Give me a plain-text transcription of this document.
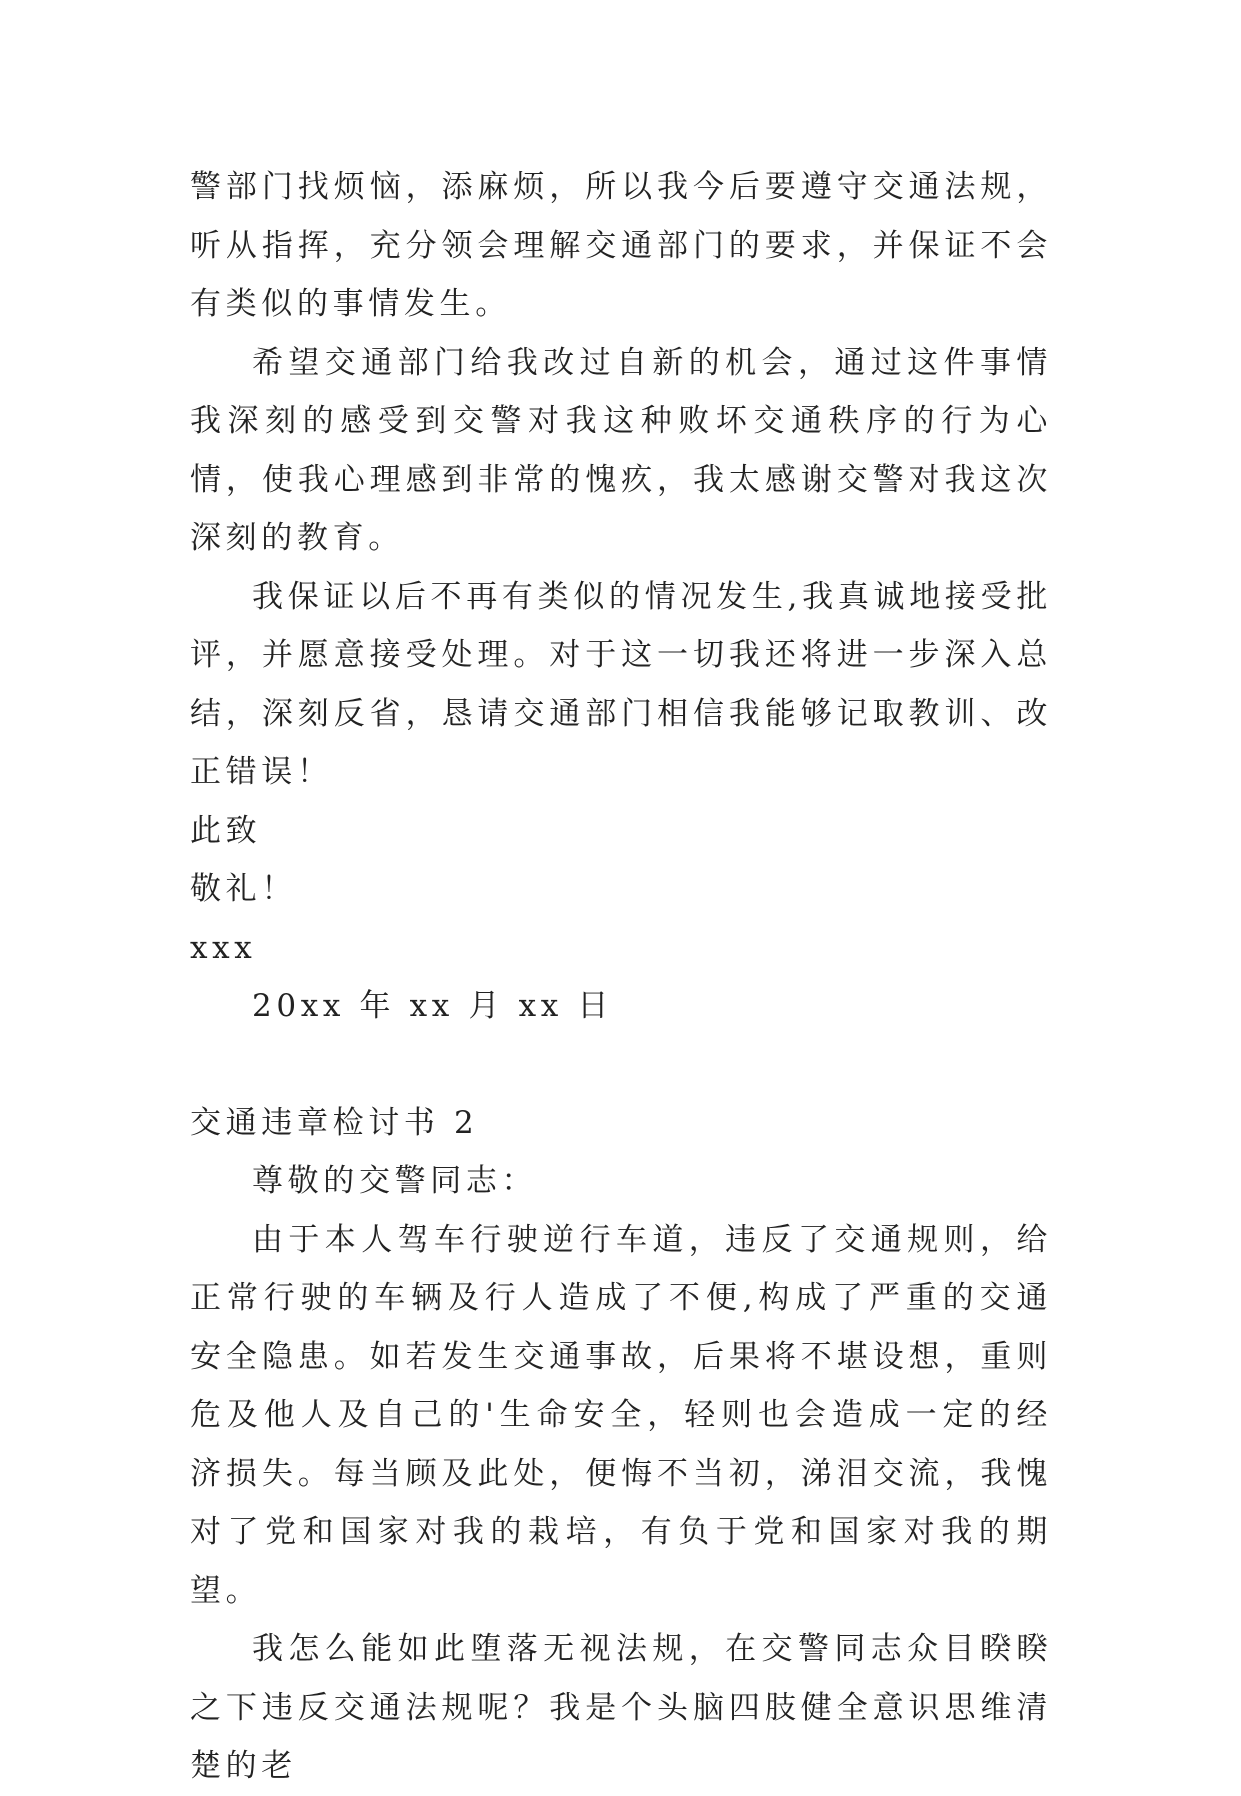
警部门找烦恼，添麻烦，所以我今后要遵守交通法规，听从指挥，充分领会理解交通部门的要求，并保证不会有类似的事情发生。

希望交通部门给我改过自新的机会，通过这件事情我深刻的感受到交警对我这种败坏交通秩序的行为心情，使我心理感到非常的愧疚，我太感谢交警对我这次深刻的教育。

我保证以后不再有类似的情况发生,我真诚地接受批评，并愿意接受处理。对于这一切我还将进一步深入总结，深刻反省，恳请交通部门相信我能够记取教训、改正错误！

此致

敬礼！

xxx

20xx 年 xx 月 xx 日

交通违章检讨书 2

尊敬的交警同志：

由于本人驾车行驶逆行车道，违反了交通规则，给正常行驶的车辆及行人造成了不便,构成了严重的交通安全隐患。如若发生交通事故，后果将不堪设想，重则危及他人及自己的'生命安全，轻则也会造成一定的经济损失。每当顾及此处，便悔不当初，涕泪交流，我愧对了党和国家对我的栽培，有负于党和国家对我的期望。

我怎么能如此堕落无视法规，在交警同志众目睽睽之下违反交通法规呢？我是个头脑四肢健全意识思维清楚的老
